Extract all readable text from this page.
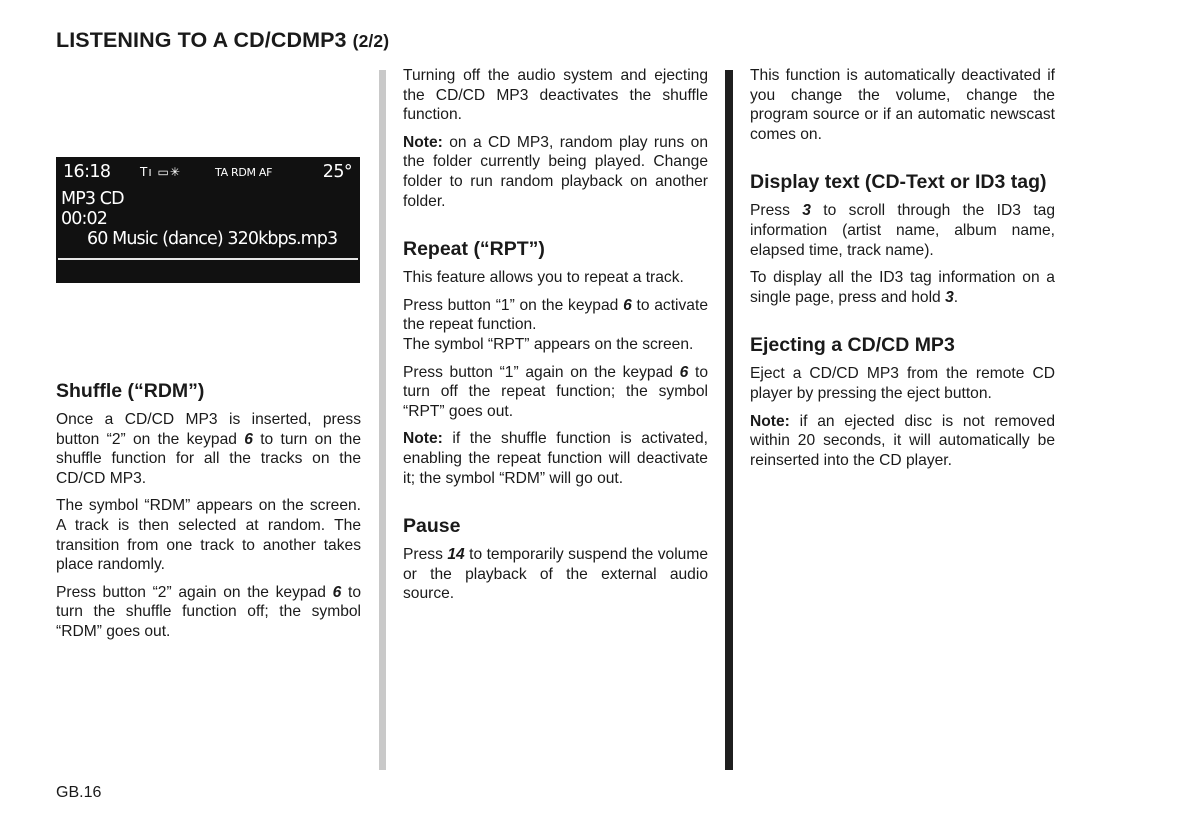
LISTENING TO A CD/CDMP3 (2/2)
16:18 Tı ▭✳	TA RDM AF	25°
MP3 CD
00:02
60 Music (dance) 320kbps.mp3
Shuffle (“RDM”)

Once a CD/CD MP3 is inserted, press button “2” on the keypad 6 to turn on the shuffle function for all the tracks on the CD/CD MP3.

The symbol “RDM” appears on the screen. A track is then selected at random. The transition from one track to another takes place randomly.

Press button “2” again on the keypad 6 to turn the shuffle function off; the symbol “RDM” goes out.

Turning off the audio system and ejecting the CD/CD MP3 deactivates the shuffle function.

Note: on a CD MP3, random play runs on the folder currently being played. Change folder to run random playback on another folder.

Repeat (“RPT”)

This feature allows you to repeat a track.

Press button “1” on the keypad 6 to activate the repeat function.
The symbol “RPT” appears on the screen.

Press button “1” again on the keypad 6 to turn off the repeat function; the symbol “RPT” goes out.

Note: if the shuffle function is activated, enabling the repeat function will deactivate it; the symbol “RDM” will go out.

Pause

Press 14 to temporarily suspend the volume or the playback of the external audio source.

This function is automatically deactivated if you change the volume, change the program source or if an automatic newscast comes on.

Display text (CD-Text or ID3 tag)

Press 3 to scroll through the ID3 tag information (artist name, album name, elapsed time, track name).

To display all the ID3 tag information on a single page, press and hold 3.

Ejecting a CD/CD MP3

Eject a CD/CD MP3 from the remote CD player by pressing the eject button.

Note: if an ejected disc is not removed within 20 seconds, it will automatically be reinserted into the CD player.

GB.16
